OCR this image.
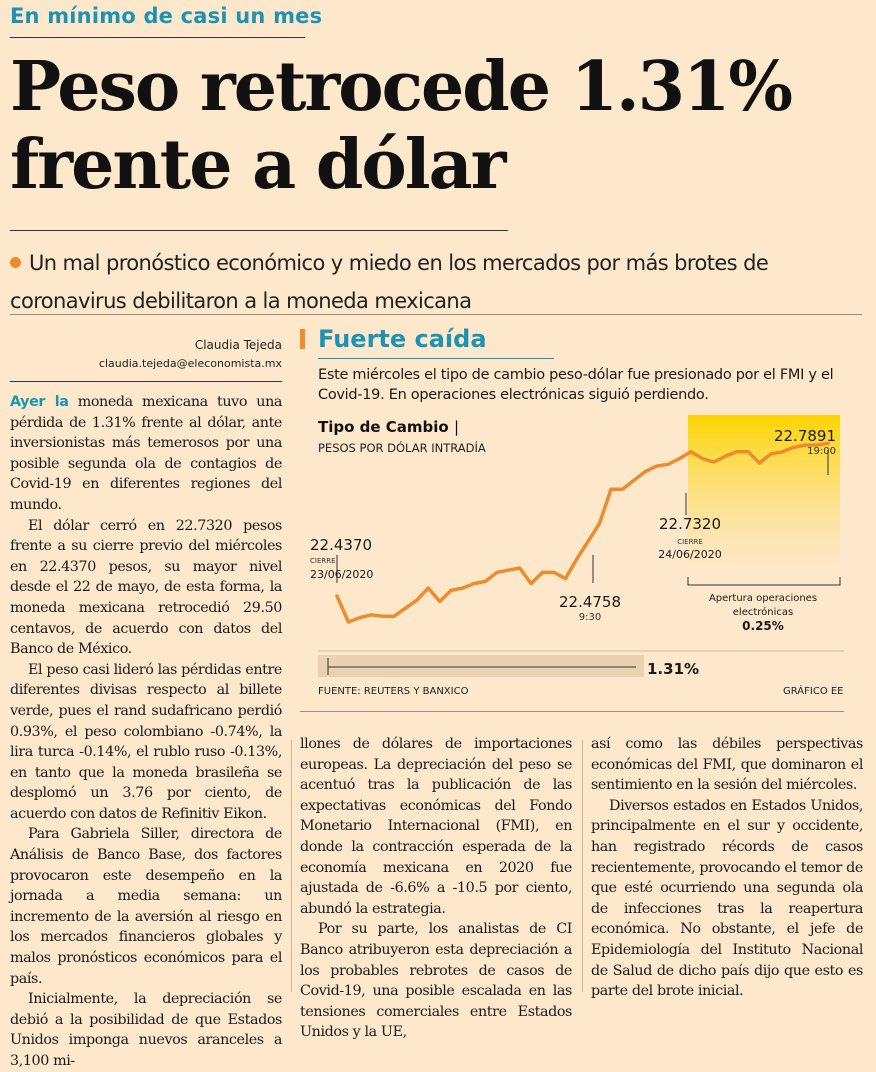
En mínimo de casi un mes
Peso retrocede 1.31%
frente a dólar
Un mal pronóstico económico y miedo en los mercados por más brotes de coronavirus debilitaron a la moneda mexicana
Claudia Tejeda
claudia.tejeda@eleconomista.mx

Ayer la moneda mexicana tuvo una pérdida de 1.31% frente al dólar, ante inversionistas más temerosos por una posible segunda ola de contagios de Covid-19 en diferentes regiones del mundo.

El dólar cerró en 22.7320 pesos frente a su cierre previo del miércoles en 22.4370 pesos, su mayor nivel desde el 22 de mayo, de esta forma, la moneda mexicana retrocedió 29.50 centavos, de acuerdo con datos del Banco de México.

El peso casi lideró las pérdidas entre diferentes divisas respecto al billete verde, pues el rand sudafricano perdió 0.93%, el peso colombiano -0.74%, la lira turca -0.14%, el rublo ruso -0.13%, en tanto que la moneda brasileña se desplomó un 3.76 por ciento, de acuerdo con datos de Refinitiv Eikon.

Para Gabriela Siller, directora de Análisis de Banco Base, dos factores provocaron este desempeño en la jornada a media semana: un incremento de la aversión al riesgo en los mercados financieros globales y malos pronósticos económicos para el país.

Inicialmente, la depreciación se debió a la posibilidad de que Estados Unidos imponga nuevos aranceles a 3,100 mi-

llones de dólares de importaciones europeas. La depreciación del peso se acentuó tras la publicación de las expectativas económicas del Fondo Monetario Internacional (FMI), en donde la contracción esperada de la economía mexicana en 2020 fue ajustada de -6.6% a -10.5 por ciento, abundó la estrategia.

Por su parte, los analistas de CI Banco atribuyeron esta depreciación a los probables rebrotes de casos de Covid-19, una posible escalada en las tensiones comerciales entre Estados Unidos y la UE,

así como las débiles perspectivas económicas del FMI, que dominaron el sentimiento en la sesión del miércoles.

Diversos estados en Estados Unidos, principalmente en el sur y occidente, han registrado récords de casos recientemente, provocando el temor de que esté ocurriendo una segunda ola de infecciones tras la reapertura económica. No obstante, el jefe de Epidemiología del Instituto Nacional de Salud de dicho país dijo que esto es parte del brote inicial.

Fuerte caída
Este miércoles el tipo de cambio peso-dólar fue presionado por el FMI y el Covid-19. En operaciones electrónicas siguió perdiendo.
22.4370
CIERRE
23/06/2020
22.4758
9:30
22.7320
CIERRE
24/06/2020
22.7891
19:00
Apertura operaciones
electrónicas
0.25%
1.31%
Tipo de Cambio |
PESOS POR DÓLAR INTRADÍA
FUENTE: REUTERS Y BANXICO	GRÁFICO EE
